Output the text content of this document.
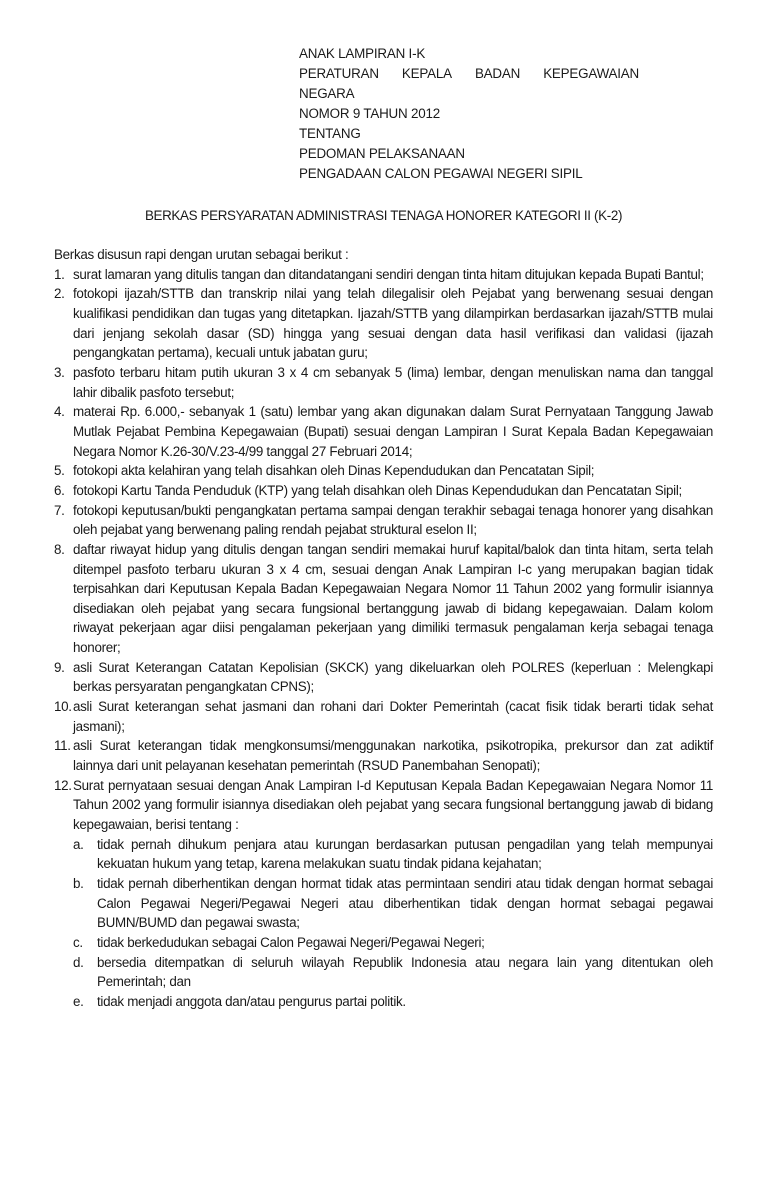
ANAK LAMPIRAN I-K
PERATURAN KEPALA BADAN KEPEGAWAIAN
NEGARA
NOMOR 9 TAHUN 2012
TENTANG
PEDOMAN PELAKSANAAN
PENGADAAN CALON PEGAWAI NEGERI SIPIL
BERKAS PERSYARATAN ADMINISTRASI TENAGA HONORER KATEGORI II (K-2)
Berkas disusun rapi dengan urutan sebagai berikut :
1. surat lamaran yang ditulis tangan dan ditandatangani sendiri dengan tinta hitam ditujukan kepada Bupati Bantul;
2. fotokopi ijazah/STTB dan transkrip nilai yang telah dilegalisir oleh Pejabat yang berwenang sesuai dengan kualifikasi pendidikan dan tugas yang ditetapkan. Ijazah/STTB yang dilampirkan berdasarkan ijazah/STTB mulai dari jenjang sekolah dasar (SD) hingga yang sesuai dengan data hasil verifikasi dan validasi (ijazah pengangkatan pertama), kecuali untuk jabatan guru;
3. pasfoto terbaru hitam putih ukuran 3 x 4 cm sebanyak 5 (lima) lembar, dengan menuliskan nama dan tanggal lahir dibalik pasfoto tersebut;
4. materai Rp. 6.000,- sebanyak 1 (satu) lembar yang akan digunakan dalam Surat Pernyataan Tanggung Jawab Mutlak Pejabat Pembina Kepegawaian (Bupati) sesuai dengan Lampiran I Surat Kepala Badan Kepegawaian Negara Nomor K.26-30/V.23-4/99 tanggal 27 Februari 2014;
5. fotokopi akta kelahiran yang telah disahkan oleh Dinas Kependudukan dan Pencatatan Sipil;
6. fotokopi Kartu Tanda Penduduk (KTP) yang telah disahkan oleh Dinas Kependudukan dan Pencatatan Sipil;
7. fotokopi keputusan/bukti pengangkatan pertama sampai dengan terakhir sebagai tenaga honorer yang disahkan oleh pejabat yang berwenang paling rendah pejabat struktural eselon II;
8. daftar riwayat hidup yang ditulis dengan tangan sendiri memakai huruf kapital/balok dan tinta hitam, serta telah ditempel pasfoto terbaru ukuran 3 x 4 cm, sesuai dengan Anak Lampiran I-c yang merupakan bagian tidak terpisahkan dari Keputusan Kepala Badan Kepegawaian Negara Nomor 11 Tahun 2002 yang formulir isiannya disediakan oleh pejabat yang secara fungsional bertanggung jawab di bidang kepegawaian. Dalam kolom riwayat pekerjaan agar diisi pengalaman pekerjaan yang dimiliki termasuk pengalaman kerja sebagai tenaga honorer;
9. asli Surat Keterangan Catatan Kepolisian (SKCK) yang dikeluarkan oleh POLRES (keperluan : Melengkapi berkas persyaratan pengangkatan CPNS);
10. asli Surat keterangan sehat jasmani dan rohani dari Dokter Pemerintah (cacat fisik tidak berarti tidak sehat jasmani);
11. asli Surat keterangan tidak mengkonsumsi/menggunakan narkotika, psikotropika, prekursor dan zat adiktif lainnya dari unit pelayanan kesehatan pemerintah (RSUD Panembahan Senopati);
12. Surat pernyataan sesuai dengan Anak Lampiran I-d Keputusan Kepala Badan Kepegawaian Negara Nomor 11 Tahun 2002 yang formulir isiannya disediakan oleh pejabat yang secara fungsional bertanggung jawab di bidang kepegawaian, berisi tentang :
a. tidak pernah dihukum penjara atau kurungan berdasarkan putusan pengadilan yang telah mempunyai kekuatan hukum yang tetap, karena melakukan suatu tindak pidana kejahatan;
b. tidak pernah diberhentikan dengan hormat tidak atas permintaan sendiri atau tidak dengan hormat sebagai Calon Pegawai Negeri/Pegawai Negeri atau diberhentikan tidak dengan hormat sebagai pegawai BUMN/BUMD dan pegawai swasta;
c. tidak berkedudukan sebagai Calon Pegawai Negeri/Pegawai Negeri;
d. bersedia ditempatkan di seluruh wilayah Republik Indonesia atau negara lain yang ditentukan oleh Pemerintah; dan
e. tidak menjadi anggota dan/atau pengurus partai politik.
